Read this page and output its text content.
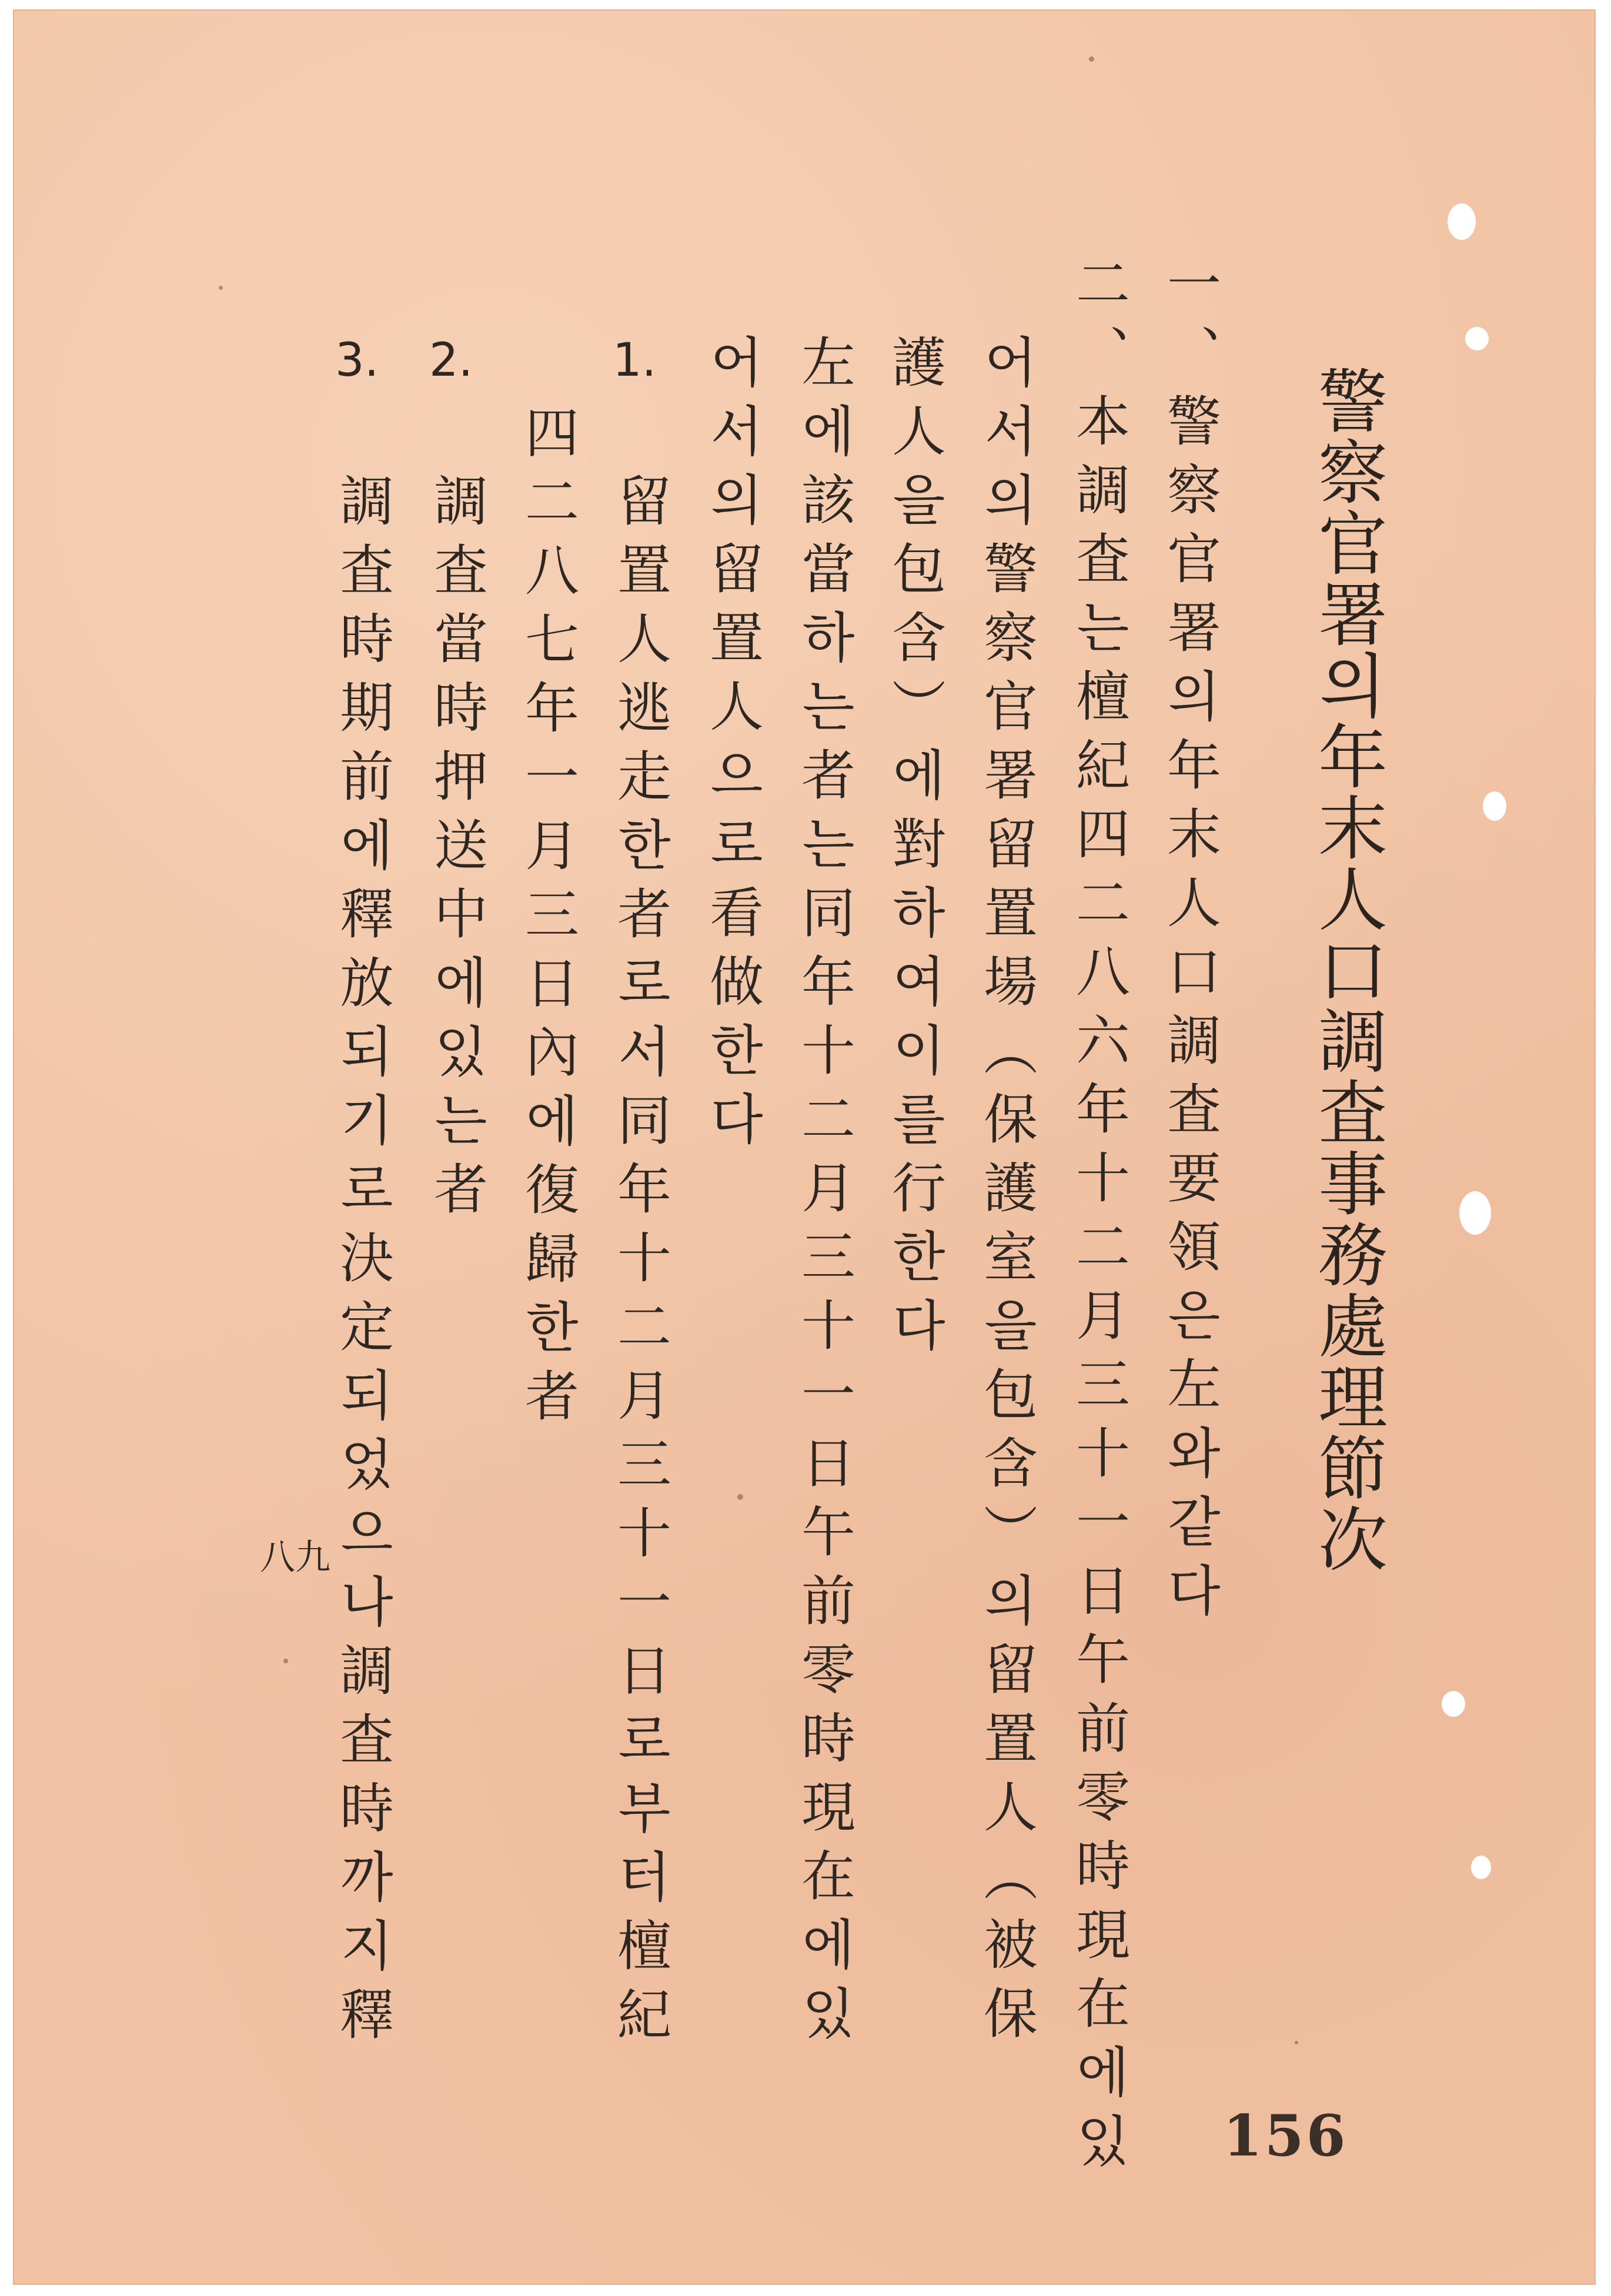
警察官署의年末人口調査事務處理節次
一、警察官署의年末人口調査要領은左와같다
二、本調査는檀紀四二八六年十二月三十一日午前零時現在에있
어서의警察官署留置場（保護室을包含）의留置人（被保
護人을包含）에對하여이를行한다
左에該當하는者는同年十二月三十一日午前零時現在에있
어서의留置人으로看做한다
1.
留置人逃走한者로서同年十二月三十一日로부터檀紀
四二八七年一月三日內에復歸한者
2.
調査當時押送中에있는者
3.
調査時期前에釋放되기로決定되었으나調査時까지釋
八九
156
